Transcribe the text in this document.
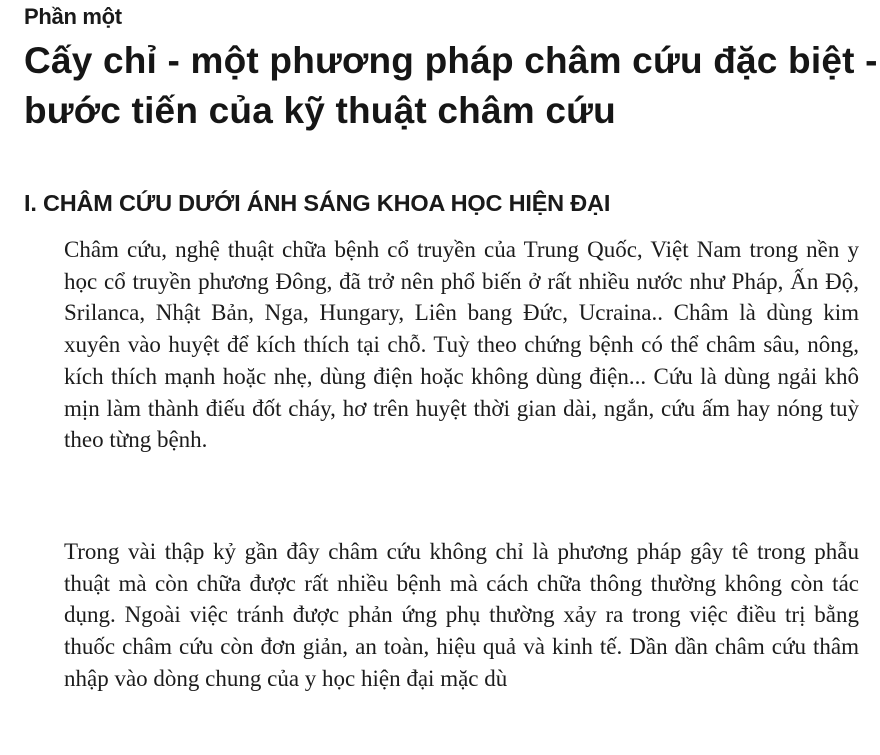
Phần một
Cấy chỉ - một phương pháp châm cứu đặc biệt -
bước tiến của kỹ thuật châm cứu
I. CHÂM CỨU DƯỚI ÁNH SÁNG KHOA HỌC HIỆN ĐẠI

Châm cứu, nghệ thuật chữa bệnh cổ truyền của Trung Quốc, Việt Nam trong nền y học cổ truyền phương Đông, đã trở nên phổ biến ở rất nhiều nước như Pháp, Ấn Độ, Srilanca, Nhật Bản, Nga, Hungary, Liên bang Đức, Ucraina.. Châm là dùng kim xuyên vào huyệt để kích thích tại chỗ. Tuỳ theo chứng bệnh có thể châm sâu, nông, kích thích mạnh hoặc nhẹ, dùng điện hoặc không dùng điện... Cứu là dùng ngải khô mịn làm thành điếu đốt cháy, hơ trên huyệt thời gian dài, ngắn, cứu ấm hay nóng tuỳ theo từng bệnh.

Trong vài thập kỷ gần đây châm cứu không chỉ là phương pháp gây tê trong phẫu thuật mà còn chữa được rất nhiều bệnh mà cách chữa thông thường không còn tác dụng. Ngoài việc tránh được phản ứng phụ thường xảy ra trong việc điều trị bằng thuốc châm cứu còn đơn giản, an toàn, hiệu quả và kinh tế. Dần dần châm cứu thâm nhập vào dòng chung của y học hiện đại mặc dù
